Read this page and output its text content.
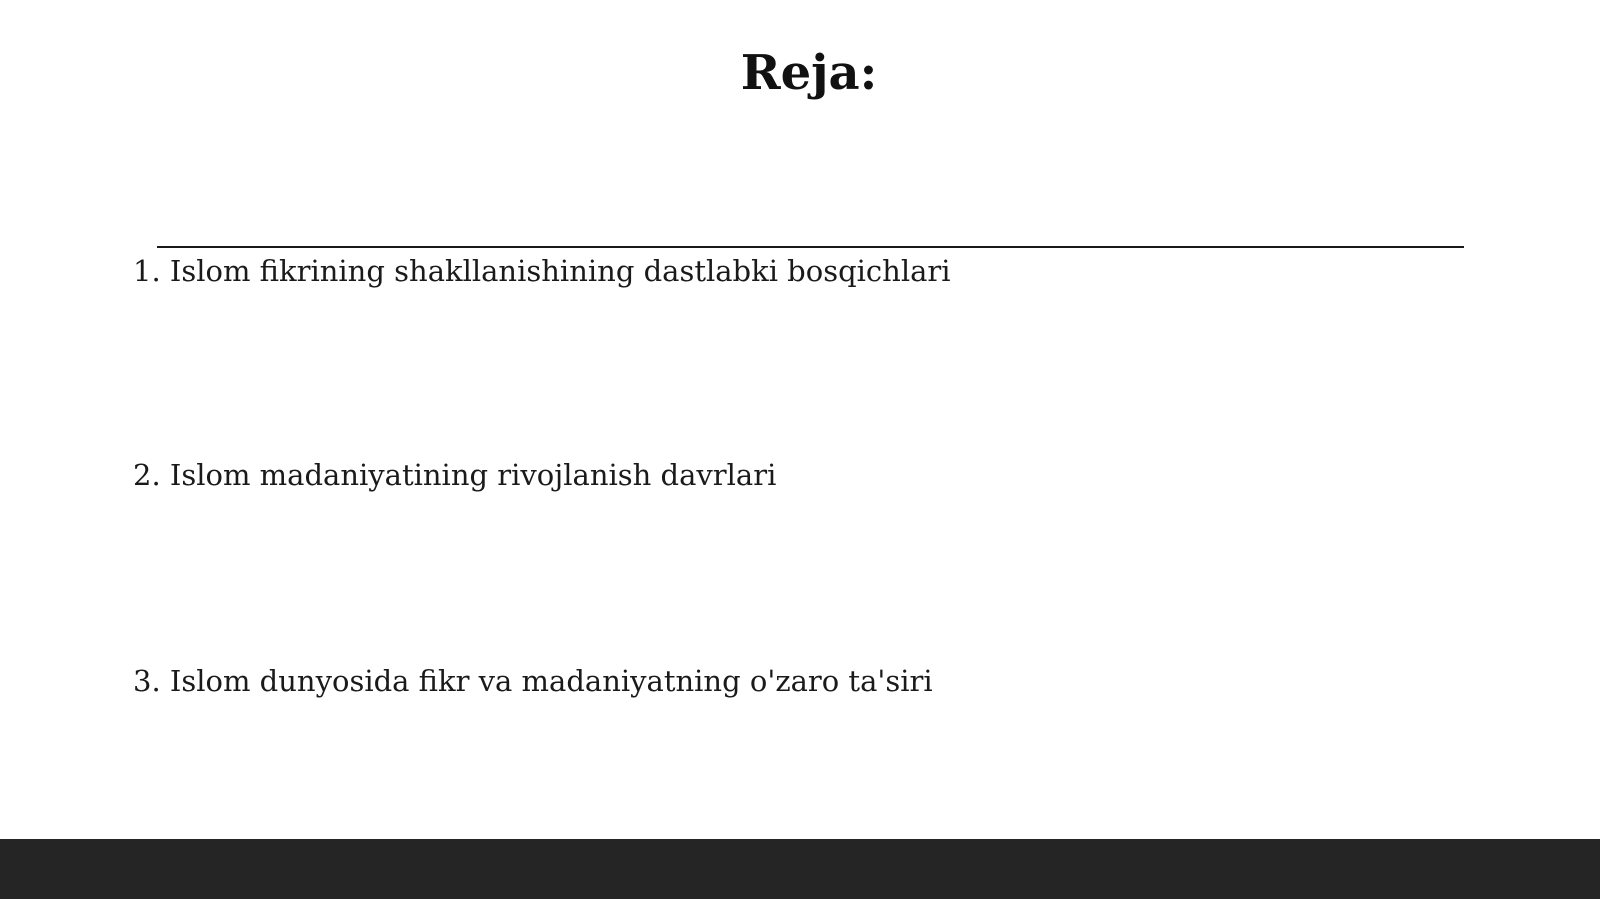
Reja:
1. Islom fikrining shakllanishining dastlabki bosqichlari
2. Islom madaniyatining rivojlanish davrlari
3. Islom dunyosida fikr va madaniyatning o'zaro ta'siri
